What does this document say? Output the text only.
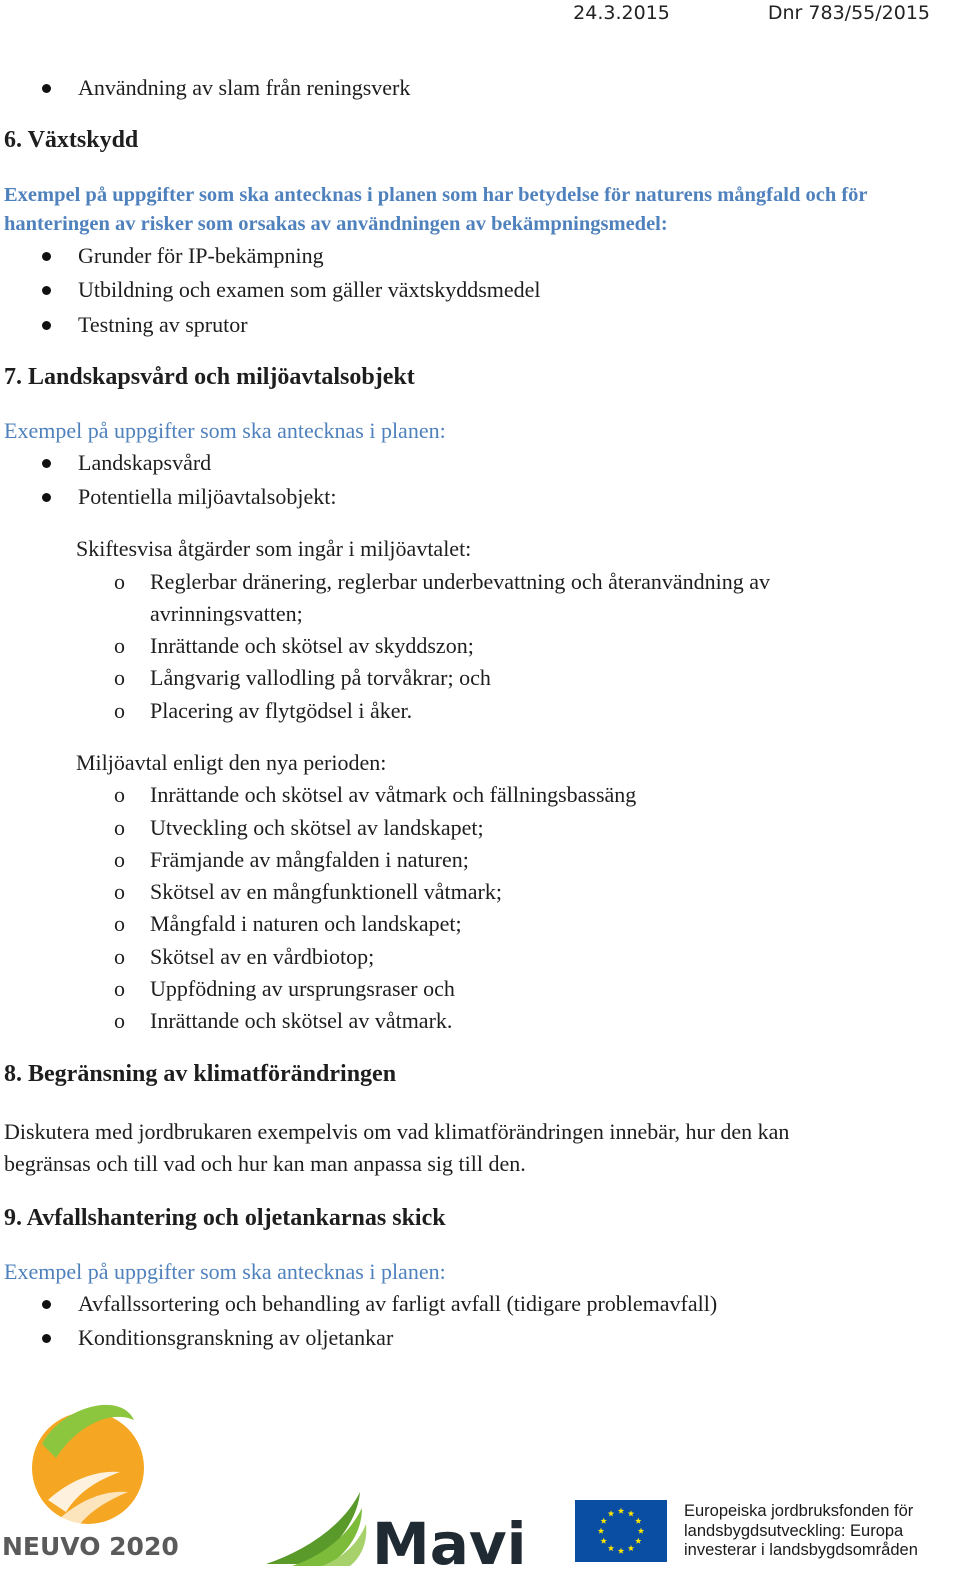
24.3.2015	Dnr 783/55/2015
Användning av slam från reningsverk
6. Växtskydd
Exempel på uppgifter som ska antecknas i planen som har betydelse för naturens mångfald och för
hanteringen av risker som orsakas av användningen av bekämpningsmedel:
Grunder för IP-bekämpning
Utbildning och examen som gäller växtskyddsmedel
Testning av sprutor
7. Landskapsvård och miljöavtalsobjekt
Exempel på uppgifter som ska antecknas i planen:
Landskapsvård
Potentiella miljöavtalsobjekt:
Skiftesvisa åtgärder som ingår i miljöavtalet:
o Reglerbar dränering, reglerbar underbevattning och återanvändning av
avrinningsvatten;
o Inrättande och skötsel av skyddszon;
o Långvarig vallodling på torvåkrar; och
o Placering av flytgödsel i åker.
Miljöavtal enligt den nya perioden:
o Inrättande och skötsel av våtmark och fällningsbassäng
o Utveckling och skötsel av landskapet;
o Främjande av mångfalden i naturen;
o Skötsel av en mångfunktionell våtmark;
o Mångfald i naturen och landskapet;
o Skötsel av en vårdbiotop;
o Uppfödning av ursprungsraser och
o Inrättande och skötsel av våtmark.
8. Begränsning av klimatförändringen
Diskutera med jordbrukaren exempelvis om vad klimatförändringen innebär, hur den kan
begränsas och till vad och hur kan man anpassa sig till den.
9. Avfallshantering och oljetankarnas skick
Exempel på uppgifter som ska antecknas i planen:
Avfallssortering och behandling av farligt avfall (tidigare problemavfall)
Konditionsgranskning av oljetankar
NEUVO 2020	Mavi	Europeiska jordbruksfonden för
landsbygdsutveckling: Europa
investerar i landsbygdsområden
